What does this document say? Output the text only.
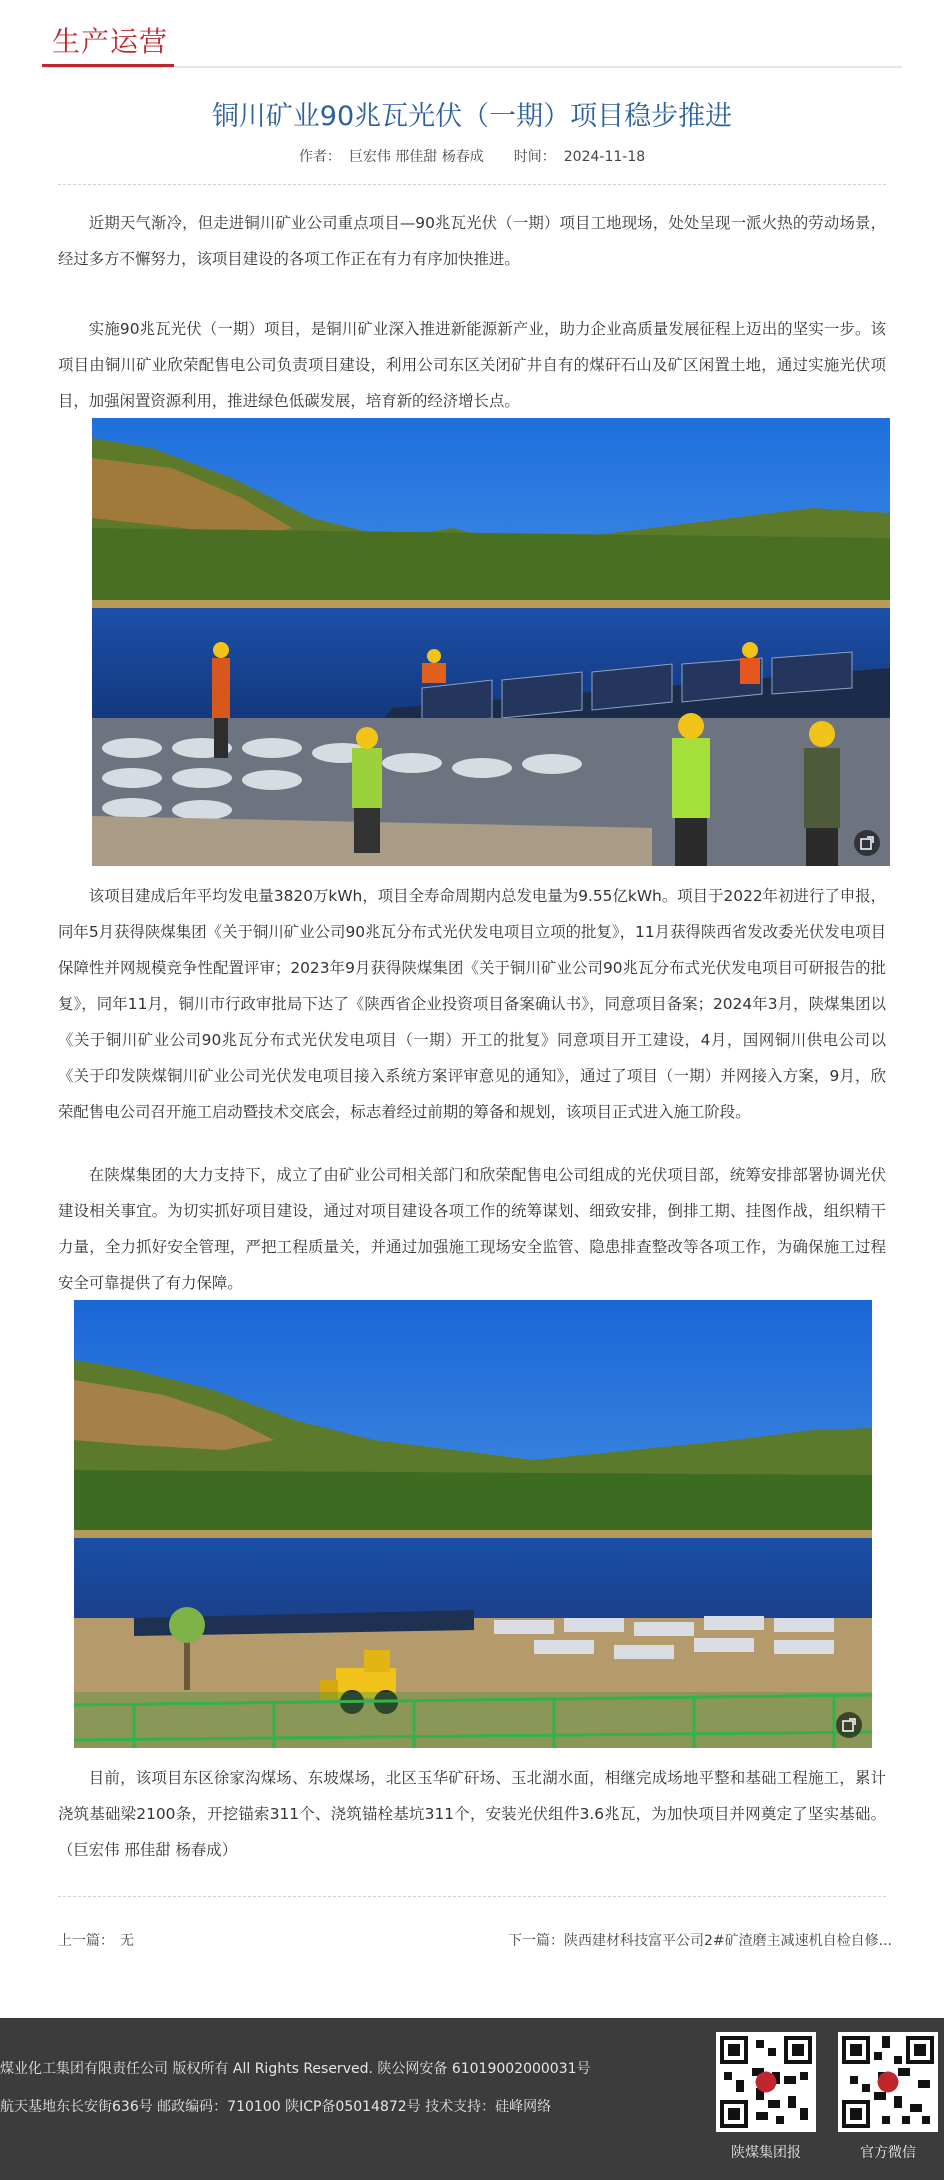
生产运营
铜川矿业90兆瓦光伏（一期）项目稳步推进
作者： 巨宏伟 邢佳甜 杨春成 时间： 2024-11-18

近期天气渐冷，但走进铜川矿业公司重点项目—90兆瓦光伏（一期）项目工地现场，处处呈现一派火热的劳动场景，经过多方不懈努力，该项目建设的各项工作正在有力有序加快推进。

实施90兆瓦光伏（一期）项目，是铜川矿业深入推进新能源新产业，助力企业高质量发展征程上迈出的坚实一步。该项目由铜川矿业欣荣配售电公司负责项目建设，利用公司东区关闭矿井自有的煤矸石山及矿区闲置土地，通过实施光伏项目，加强闲置资源利用，推进绿色低碳发展，培育新的经济增长点。

该项目建成后年平均发电量3820万kWh，项目全寿命周期内总发电量为9.55亿kWh。项目于2022年初进行了申报，同年5月获得陕煤集团《关于铜川矿业公司90兆瓦分布式光伏发电项目立项的批复》，11月获得陕西省发改委光伏发电项目保障性并网规模竞争性配置评审；2023年9月获得陕煤集团《关于铜川矿业公司90兆瓦分布式光伏发电项目可研报告的批复》，同年11月，铜川市行政审批局下达了《陕西省企业投资项目备案确认书》，同意项目备案；2024年3月，陕煤集团以《关于铜川矿业公司90兆瓦分布式光伏发电项目（一期）开工的批复》同意项目开工建设，4月，国网铜川供电公司以《关于印发陕煤铜川矿业公司光伏发电项目接入系统方案评审意见的通知》，通过了项目（一期）并网接入方案，9月，欣荣配售电公司召开施工启动暨技术交底会，标志着经过前期的筹备和规划，该项目正式进入施工阶段。

在陕煤集团的大力支持下，成立了由矿业公司相关部门和欣荣配售电公司组成的光伏项目部，统筹安排部署协调光伏建设相关事宜。为切实抓好项目建设，通过对项目建设各项工作的统筹谋划、细致安排，倒排工期、挂图作战，组织精干力量，全力抓好安全管理，严把工程质量关，并通过加强施工现场安全监管、隐患排查整改等各项工作，为确保施工过程安全可靠提供了有力保障。

目前，该项目东区徐家沟煤场、东坡煤场，北区玉华矿矸场、玉北湖水面，相继完成场地平整和基础工程施工，累计浇筑基础梁2100条，开挖锚索311个、浇筑锚栓基坑311个，安装光伏组件3.6兆瓦，为加快项目并网奠定了坚实基础。（巨宏伟 邢佳甜 杨春成）

上一篇： 无	下一篇：陕西建材科技富平公司2#矿渣磨主减速机自检自修...
煤业化工集团有限责任公司 版权所有 All Rights Reserved. 陕公网安备 61019002000031号
航天基地东长安街636号 邮政编码：710100 陕ICP备05014872号 技术支持：硅峰网络
陕煤集团报	官方微信
